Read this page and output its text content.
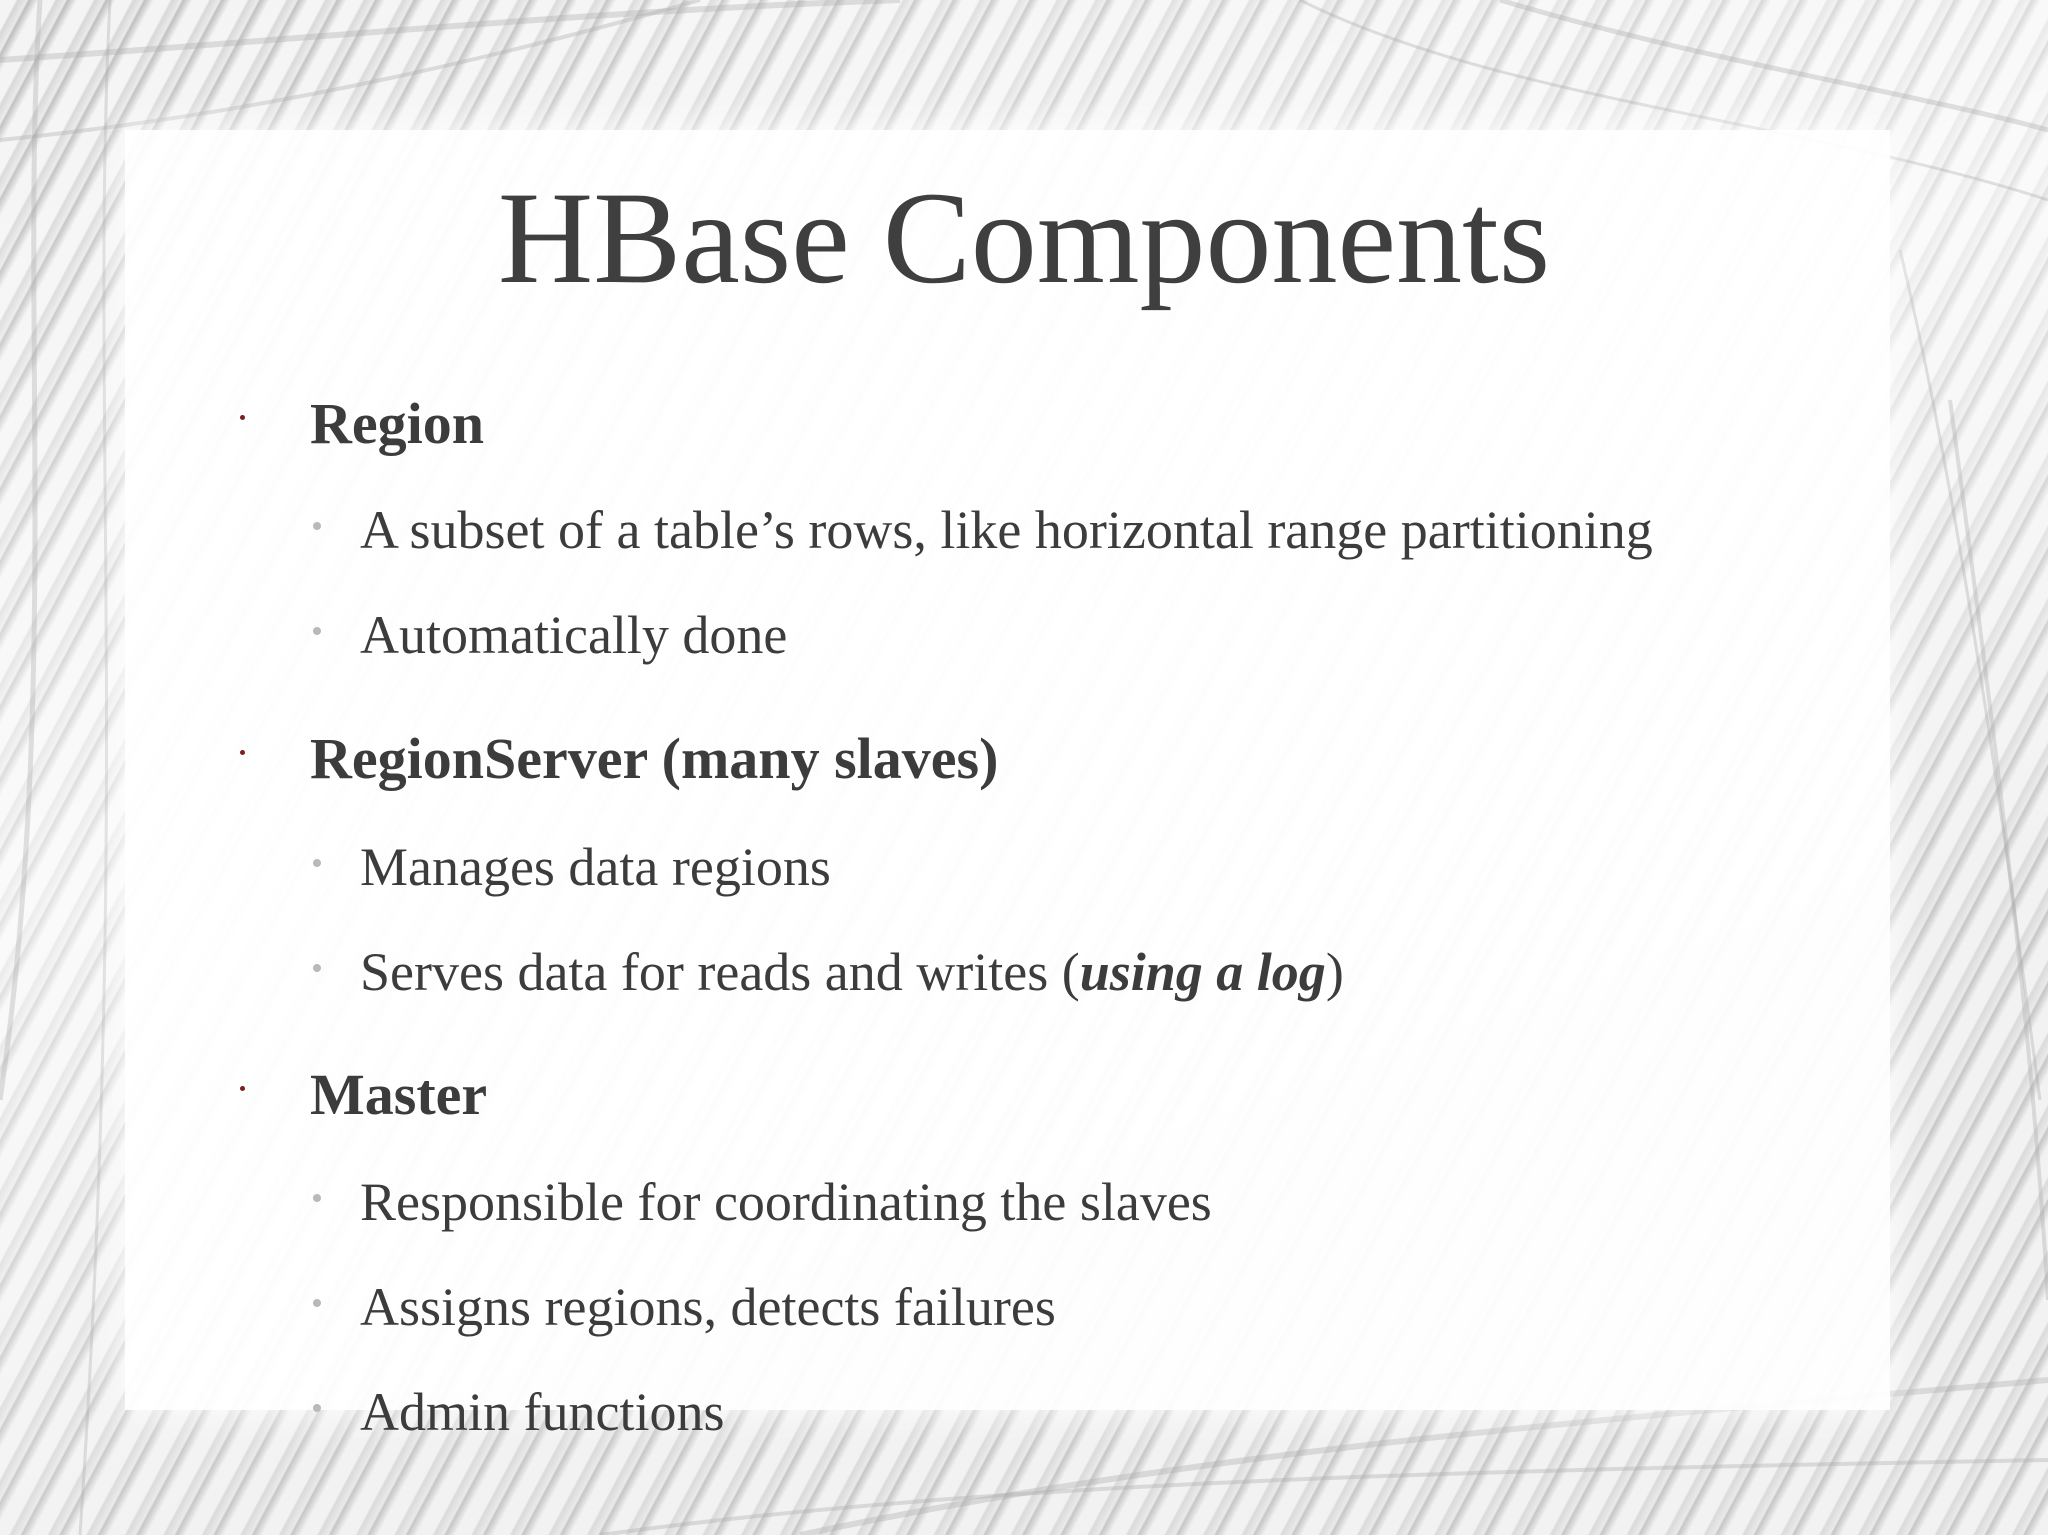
HBase Components
Region
A subset of a table’s rows, like horizontal range partitioning
Automatically done
RegionServer (many slaves)
Manages data regions
Serves data for reads and writes (using a log)
Master
Responsible for coordinating the slaves
Assigns regions, detects failures
Admin functions
